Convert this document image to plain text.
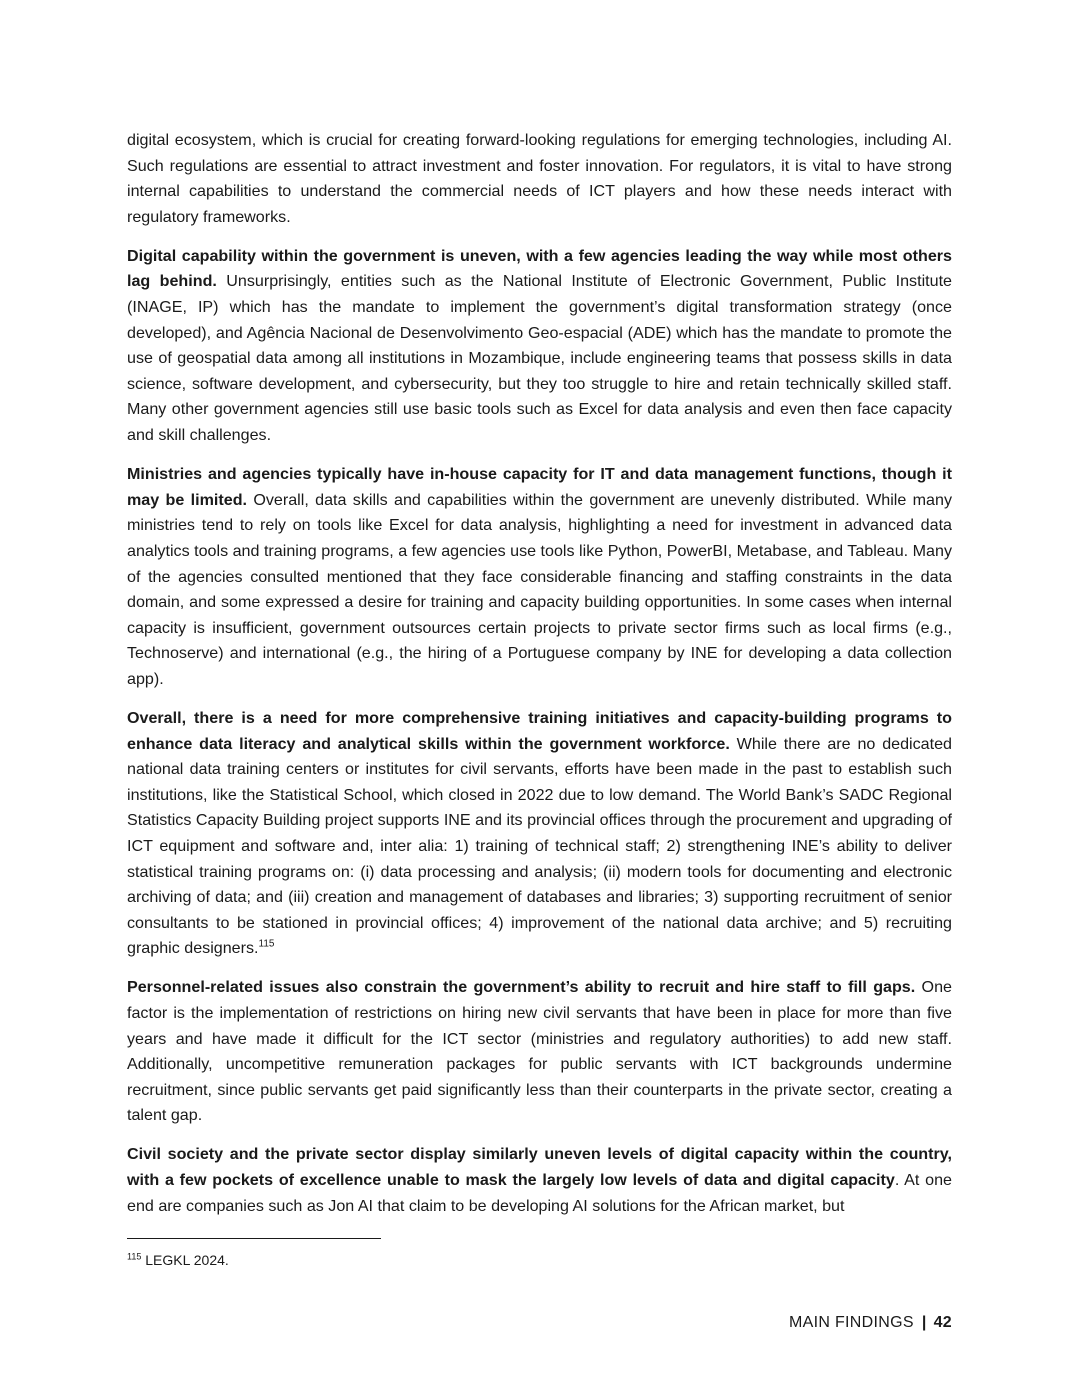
digital ecosystem, which is crucial for creating forward-looking regulations for emerging technologies, including AI. Such regulations are essential to attract investment and foster innovation. For regulators, it is vital to have strong internal capabilities to understand the commercial needs of ICT players and how these needs interact with regulatory frameworks.

Digital capability within the government is uneven, with a few agencies leading the way while most others lag behind. Unsurprisingly, entities such as the National Institute of Electronic Government, Public Institute (INAGE, IP) which has the mandate to implement the government’s digital transformation strategy (once developed), and Agência Nacional de Desenvolvimento Geo-espacial (ADE) which has the mandate to promote the use of geospatial data among all institutions in Mozambique, include engineering teams that possess skills in data science, software development, and cybersecurity, but they too struggle to hire and retain technically skilled staff. Many other government agencies still use basic tools such as Excel for data analysis and even then face capacity and skill challenges.

Ministries and agencies typically have in-house capacity for IT and data management functions, though it may be limited. Overall, data skills and capabilities within the government are unevenly distributed. While many ministries tend to rely on tools like Excel for data analysis, highlighting a need for investment in advanced data analytics tools and training programs, a few agencies use tools like Python, PowerBI, Metabase, and Tableau. Many of the agencies consulted mentioned that they face considerable financing and staffing constraints in the data domain, and some expressed a desire for training and capacity building opportunities. In some cases when internal capacity is insufficient, government outsources certain projects to private sector firms such as local firms (e.g., Technoserve) and international (e.g., the hiring of a Portuguese company by INE for developing a data collection app).

Overall, there is a need for more comprehensive training initiatives and capacity-building programs to enhance data literacy and analytical skills within the government workforce. While there are no dedicated national data training centers or institutes for civil servants, efforts have been made in the past to establish such institutions, like the Statistical School, which closed in 2022 due to low demand. The World Bank’s SADC Regional Statistics Capacity Building project supports INE and its provincial offices through the procurement and upgrading of ICT equipment and software and, inter alia: 1) training of technical staff; 2) strengthening INE’s ability to deliver statistical training programs on: (i) data processing and analysis; (ii) modern tools for documenting and electronic archiving of data; and (iii) creation and management of databases and libraries; 3) supporting recruitment of senior consultants to be stationed in provincial offices; 4) improvement of the national data archive; and 5) recruiting graphic designers.$^{115}$

Personnel-related issues also constrain the government’s ability to recruit and hire staff to fill gaps. One factor is the implementation of restrictions on hiring new civil servants that have been in place for more than five years and have made it difficult for the ICT sector (ministries and regulatory authorities) to add new staff. Additionally, uncompetitive remuneration packages for public servants with ICT backgrounds undermine recruitment, since public servants get paid significantly less than their counterparts in the private sector, creating a talent gap.

Civil society and the private sector display similarly uneven levels of digital capacity within the country, with a few pockets of excellence unable to mask the largely low levels of data and digital capacity. At one end are companies such as Jon AI that claim to be developing AI solutions for the African market, but

$^{115}$ LEGKL 2024.
MAIN FINDINGS | 42
